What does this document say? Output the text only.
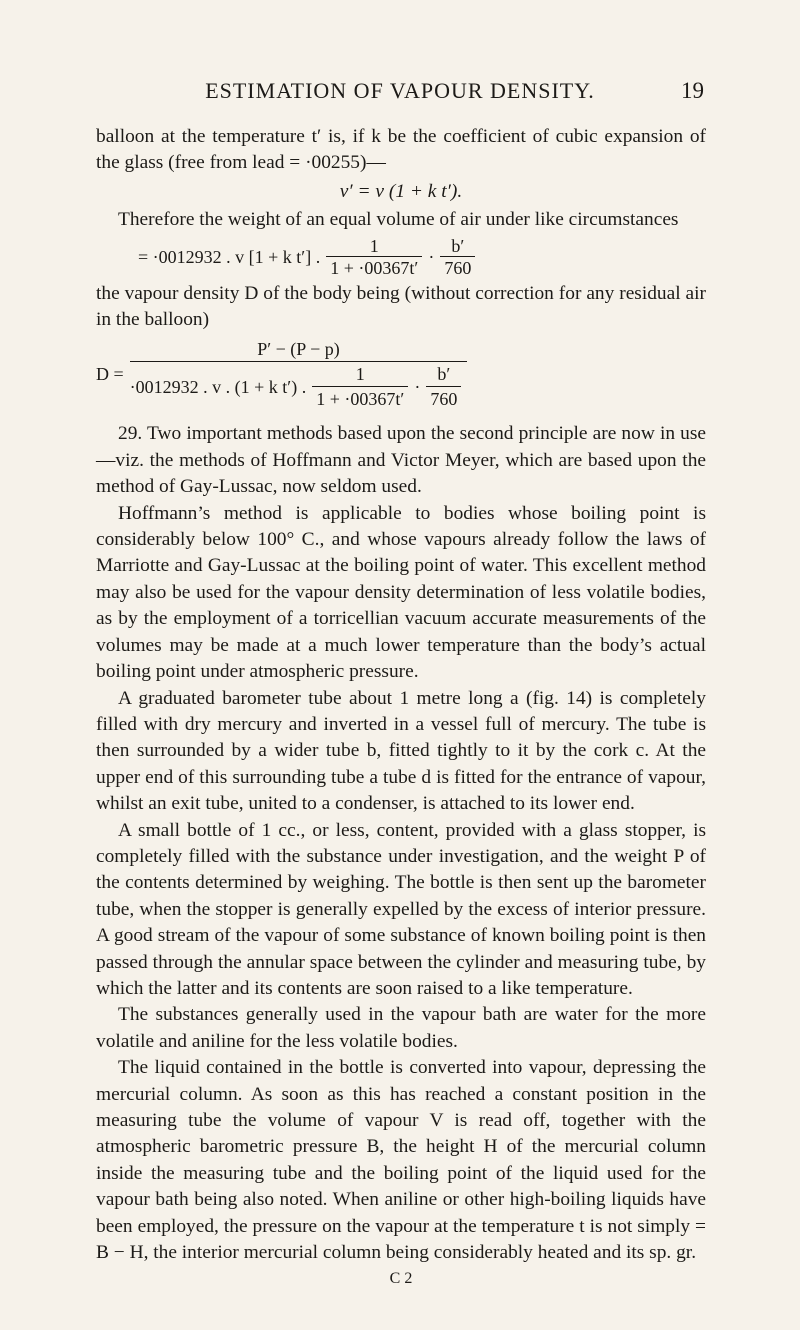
ESTIMATION OF VAPOUR DENSITY.	19

balloon at the temperature t′ is, if k be the coefficient of cubic expansion of the glass (free from lead = ·00255)—

v′ = v (1 + k t′).

Therefore the weight of an equal volume of air under like circumstances

= ·0012932 . v [1 + k t′] . $\frac{1}{1 + \cdot 00367t'} \cdot \frac{b'}{760}$

the vapour density D of the body being (without correction for any residual air in the balloon)

D =
P′ − (P − p)
·0012932 . v . (1 + k t′) . $\frac{1}{1 + \cdot 00367t'} \cdot \frac{b'}{760}$

29. Two important methods based upon the second principle are now in use—viz. the methods of Hoffmann and Victor Meyer, which are based upon the method of Gay-Lussac, now seldom used.

Hoffmann’s method is applicable to bodies whose boiling point is considerably below 100° C., and whose vapours already follow the laws of Marriotte and Gay-Lussac at the boiling point of water. This excellent method may also be used for the vapour density determination of less volatile bodies, as by the employment of a torricellian vacuum accurate measurements of the volumes may be made at a much lower temperature than the body’s actual boiling point under atmospheric pressure.

A graduated barometer tube about 1 metre long a (fig. 14) is completely filled with dry mercury and inverted in a vessel full of mercury. The tube is then surrounded by a wider tube b, fitted tightly to it by the cork c. At the upper end of this surrounding tube a tube d is fitted for the entrance of vapour, whilst an exit tube, united to a condenser, is attached to its lower end.

A small bottle of 1 cc., or less, content, provided with a glass stopper, is completely filled with the substance under investigation, and the weight P of the contents determined by weighing. The bottle is then sent up the barometer tube, when the stopper is generally expelled by the excess of interior pressure. A good stream of the vapour of some substance of known boiling point is then passed through the annular space between the cylinder and measuring tube, by which the latter and its contents are soon raised to a like temperature.

The substances generally used in the vapour bath are water for the more volatile and aniline for the less volatile bodies.

The liquid contained in the bottle is converted into vapour, depressing the mercurial column. As soon as this has reached a constant position in the measuring tube the volume of vapour V is read off, together with the atmospheric barometric pressure B, the height H of the mercurial column inside the measuring tube and the boiling point of the liquid used for the vapour bath being also noted. When aniline or other high-boiling liquids have been employed, the pressure on the vapour at the temperature t is not simply = B − H, the interior mercurial column being considerably heated and its sp. gr.

C 2
